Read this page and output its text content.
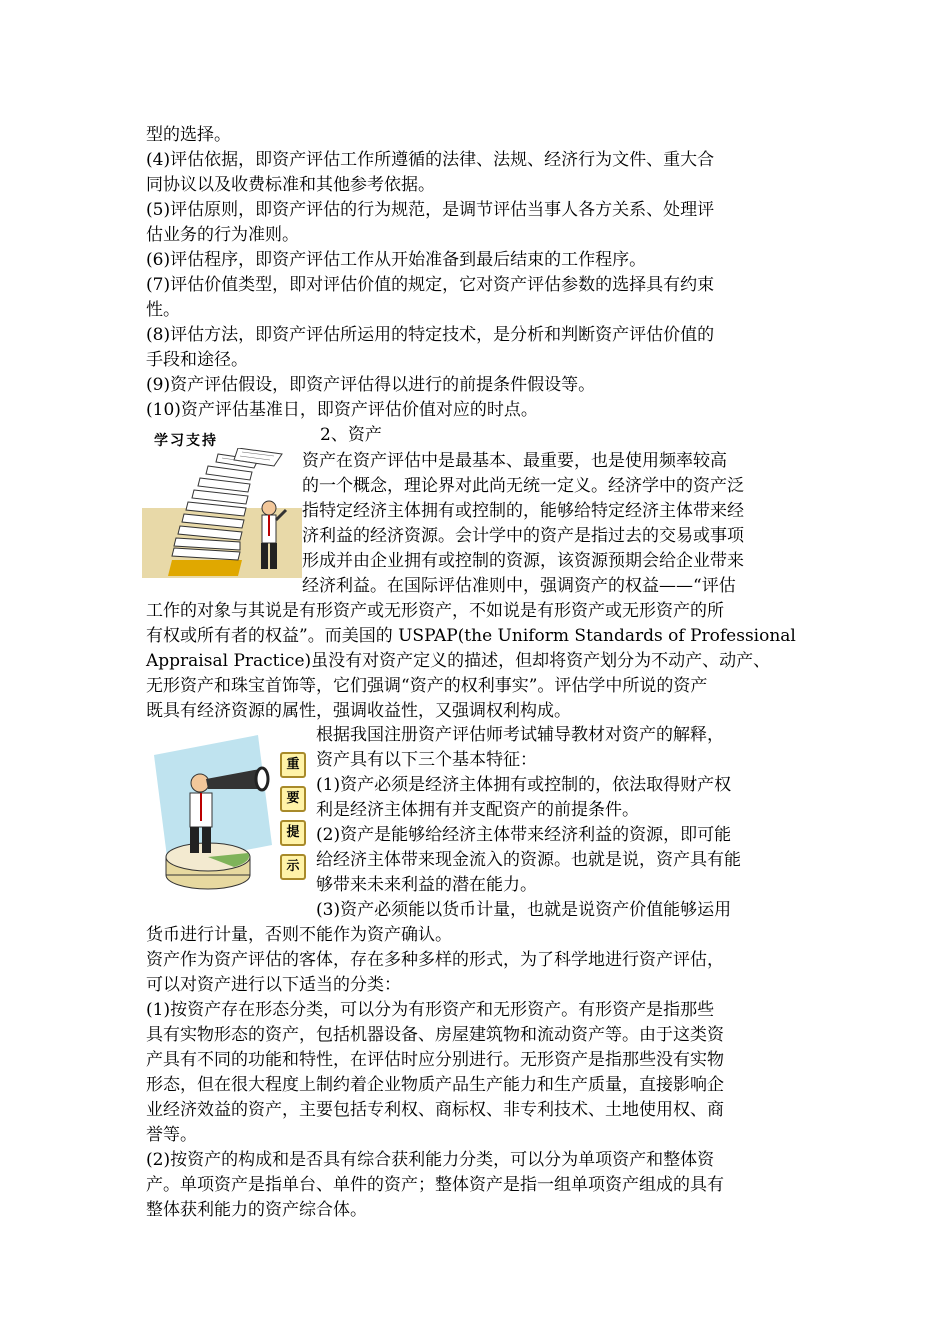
型的选择。
(4)评估依据，即资产评估工作所遵循的法律、法规、经济行为文件、重大合
同协议以及收费标准和其他参考依据。
(5)评估原则，即资产评估的行为规范，是调节评估当事人各方关系、处理评
估业务的行为准则。
(6)评估程序，即资产评估工作从开始准备到最后结束的工作程序。
(7)评估价值类型，即对评估价值的规定，它对资产评估参数的选择具有约束
性。
(8)评估方法，即资产评估所运用的特定技术，是分析和判断资产评估价值的
手段和途径。
(9)资产评估假设，即资产评估得以进行的前提条件假设等。
(10)资产评估基准日，即资产评估价值对应的时点。
学习支持	2、资产
资产在资产评估中是最基本、最重要，也是使用频率较高
的一个概念，理论界对此尚无统一定义。经济学中的资产泛
指特定经济主体拥有或控制的，能够给特定经济主体带来经
济利益的经济资源。会计学中的资产是指过去的交易或事项
形成并由企业拥有或控制的资源，该资源预期会给企业带来
经济利益。在国际评估准则中，强调资产的权益——“评估
工作的对象与其说是有形资产或无形资产，不如说是有形资产或无形资产的所
有权或所有者的权益”。而美国的 USPAP(the Uniform Standards of Professional
Appraisal Practice)虽没有对资产定义的描述，但却将资产划分为不动产、动产、
无形资产和珠宝首饰等，它们强调“资产的权利事实”。评估学中所说的资产
既具有经济资源的属性，强调收益性，又强调权利构成。
重
要
提
示
根据我国注册资产评估师考试辅导教材对资产的解释，
资产具有以下三个基本特征：
(1)资产必须是经济主体拥有或控制的，依法取得财产权
利是经济主体拥有并支配资产的前提条件。
(2)资产是能够给经济主体带来经济利益的资源，即可能
给经济主体带来现金流入的资源。也就是说，资产具有能
够带来未来利益的潜在能力。
(3)资产必须能以货币计量，也就是说资产价值能够运用
货币进行计量，否则不能作为资产确认。
资产作为资产评估的客体，存在多种多样的形式，为了科学地进行资产评估，
可以对资产进行以下适当的分类：
(1)按资产存在形态分类，可以分为有形资产和无形资产。有形资产是指那些
具有实物形态的资产，包括机器设备、房屋建筑物和流动资产等。由于这类资
产具有不同的功能和特性，在评估时应分别进行。无形资产是指那些没有实物
形态，但在很大程度上制约着企业物质产品生产能力和生产质量，直接影响企
业经济效益的资产，主要包括专利权、商标权、非专利技术、土地使用权、商
誉等。
(2)按资产的构成和是否具有综合获利能力分类，可以分为单项资产和整体资
产。单项资产是指单台、单件的资产；整体资产是指一组单项资产组成的具有
整体获利能力的资产综合体。
